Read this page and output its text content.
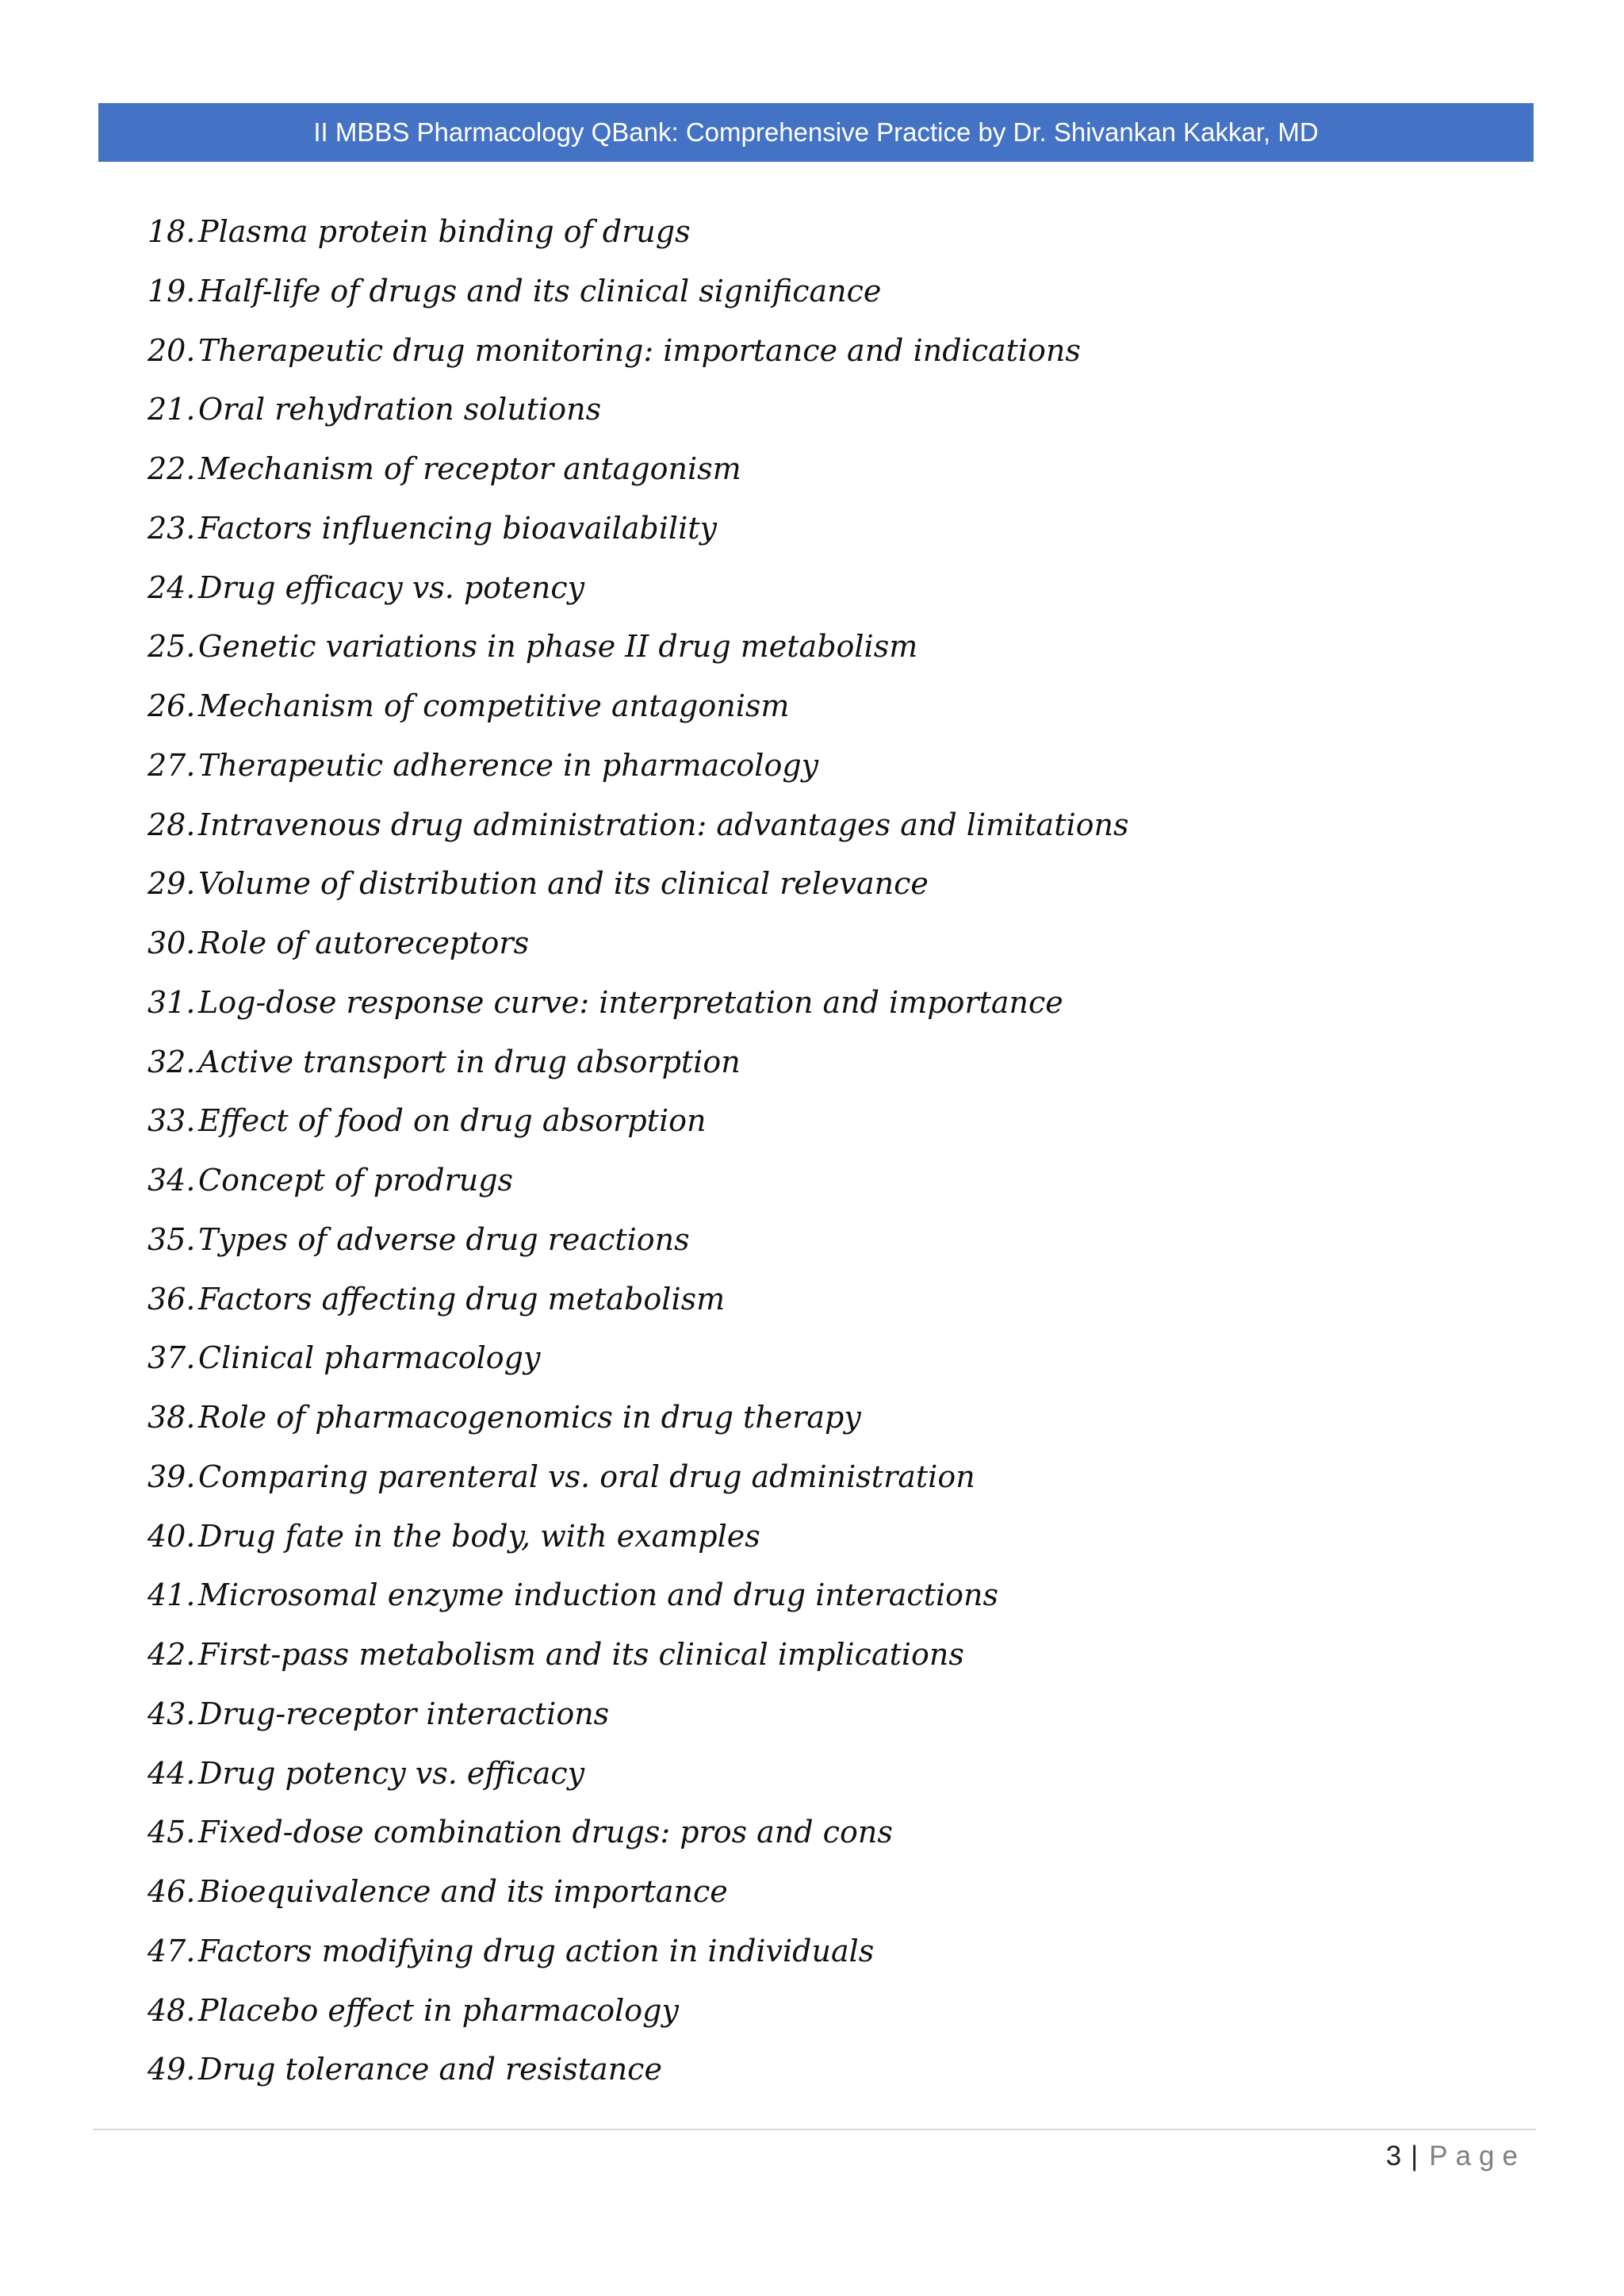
II MBBS Pharmacology QBank: Comprehensive Practice by Dr. Shivankan Kakkar, MD
18. Plasma protein binding of drugs
19. Half-life of drugs and its clinical significance
20. Therapeutic drug monitoring: importance and indications
21. Oral rehydration solutions
22. Mechanism of receptor antagonism
23. Factors influencing bioavailability
24. Drug efficacy vs. potency
25. Genetic variations in phase II drug metabolism
26. Mechanism of competitive antagonism
27. Therapeutic adherence in pharmacology
28. Intravenous drug administration: advantages and limitations
29. Volume of distribution and its clinical relevance
30. Role of autoreceptors
31. Log-dose response curve: interpretation and importance
32. Active transport in drug absorption
33. Effect of food on drug absorption
34. Concept of prodrugs
35. Types of adverse drug reactions
36. Factors affecting drug metabolism
37. Clinical pharmacology
38. Role of pharmacogenomics in drug therapy
39. Comparing parenteral vs. oral drug administration
40. Drug fate in the body, with examples
41. Microsomal enzyme induction and drug interactions
42. First-pass metabolism and its clinical implications
43. Drug-receptor interactions
44. Drug potency vs. efficacy
45. Fixed-dose combination drugs: pros and cons
46. Bioequivalence and its importance
47. Factors modifying drug action in individuals
48. Placebo effect in pharmacology
49. Drug tolerance and resistance
3 | Page
